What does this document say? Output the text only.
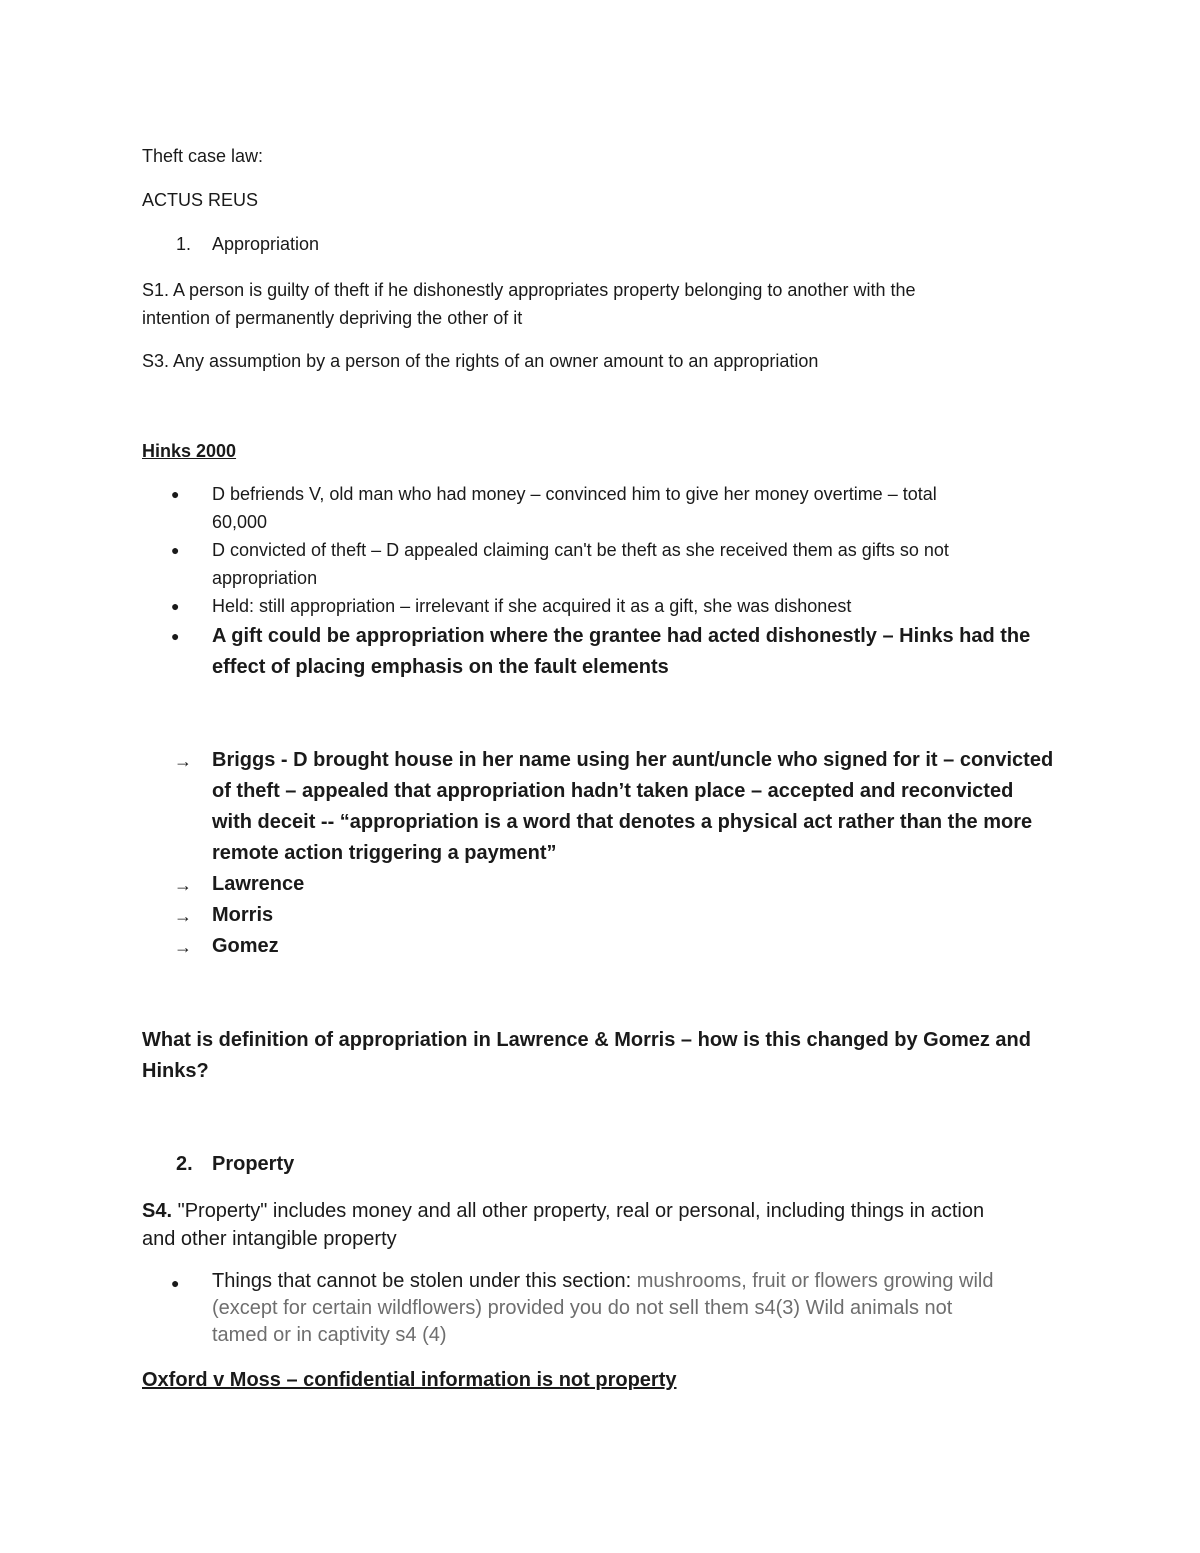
Theft case law:

ACTUS REUS

1. Appropriation

S1. A person is guilty of theft if he dishonestly appropriates property belonging to another with the

intention of permanently depriving the other of it

S3. Any assumption by a person of the rights of an owner amount to an appropriation

Hinks 2000

● D befriends V, old man who had money – convinced him to give her money overtime – total

60,000

● D convicted of theft – D appealed claiming can't be theft as she received them as gifts so not

appropriation

● Held: still appropriation – irrelevant if she acquired it as a gift, she was dishonest

● A gift could be appropriation where the grantee had acted dishonestly – Hinks had the

effect of placing emphasis on the fault elements

→ Briggs - D brought house in her name using her aunt/uncle who signed for it – convicted

of theft – appealed that appropriation hadn’t taken place – accepted and reconvicted

with deceit -- “appropriation is a word that denotes a physical act rather than the more

remote action triggering a payment”

→ Lawrence

→ Morris

→ Gomez

What is definition of appropriation in Lawrence & Morris – how is this changed by Gomez and

Hinks?

2. Property

S4. "Property" includes money and all other property, real or personal, including things in action

and other intangible property

● Things that cannot be stolen under this section: mushrooms, fruit or flowers growing wild

(except for certain wildflowers) provided you do not sell them s4(3) Wild animals not

tamed or in captivity s4 (4)

Oxford v Moss – confidential information is not property
